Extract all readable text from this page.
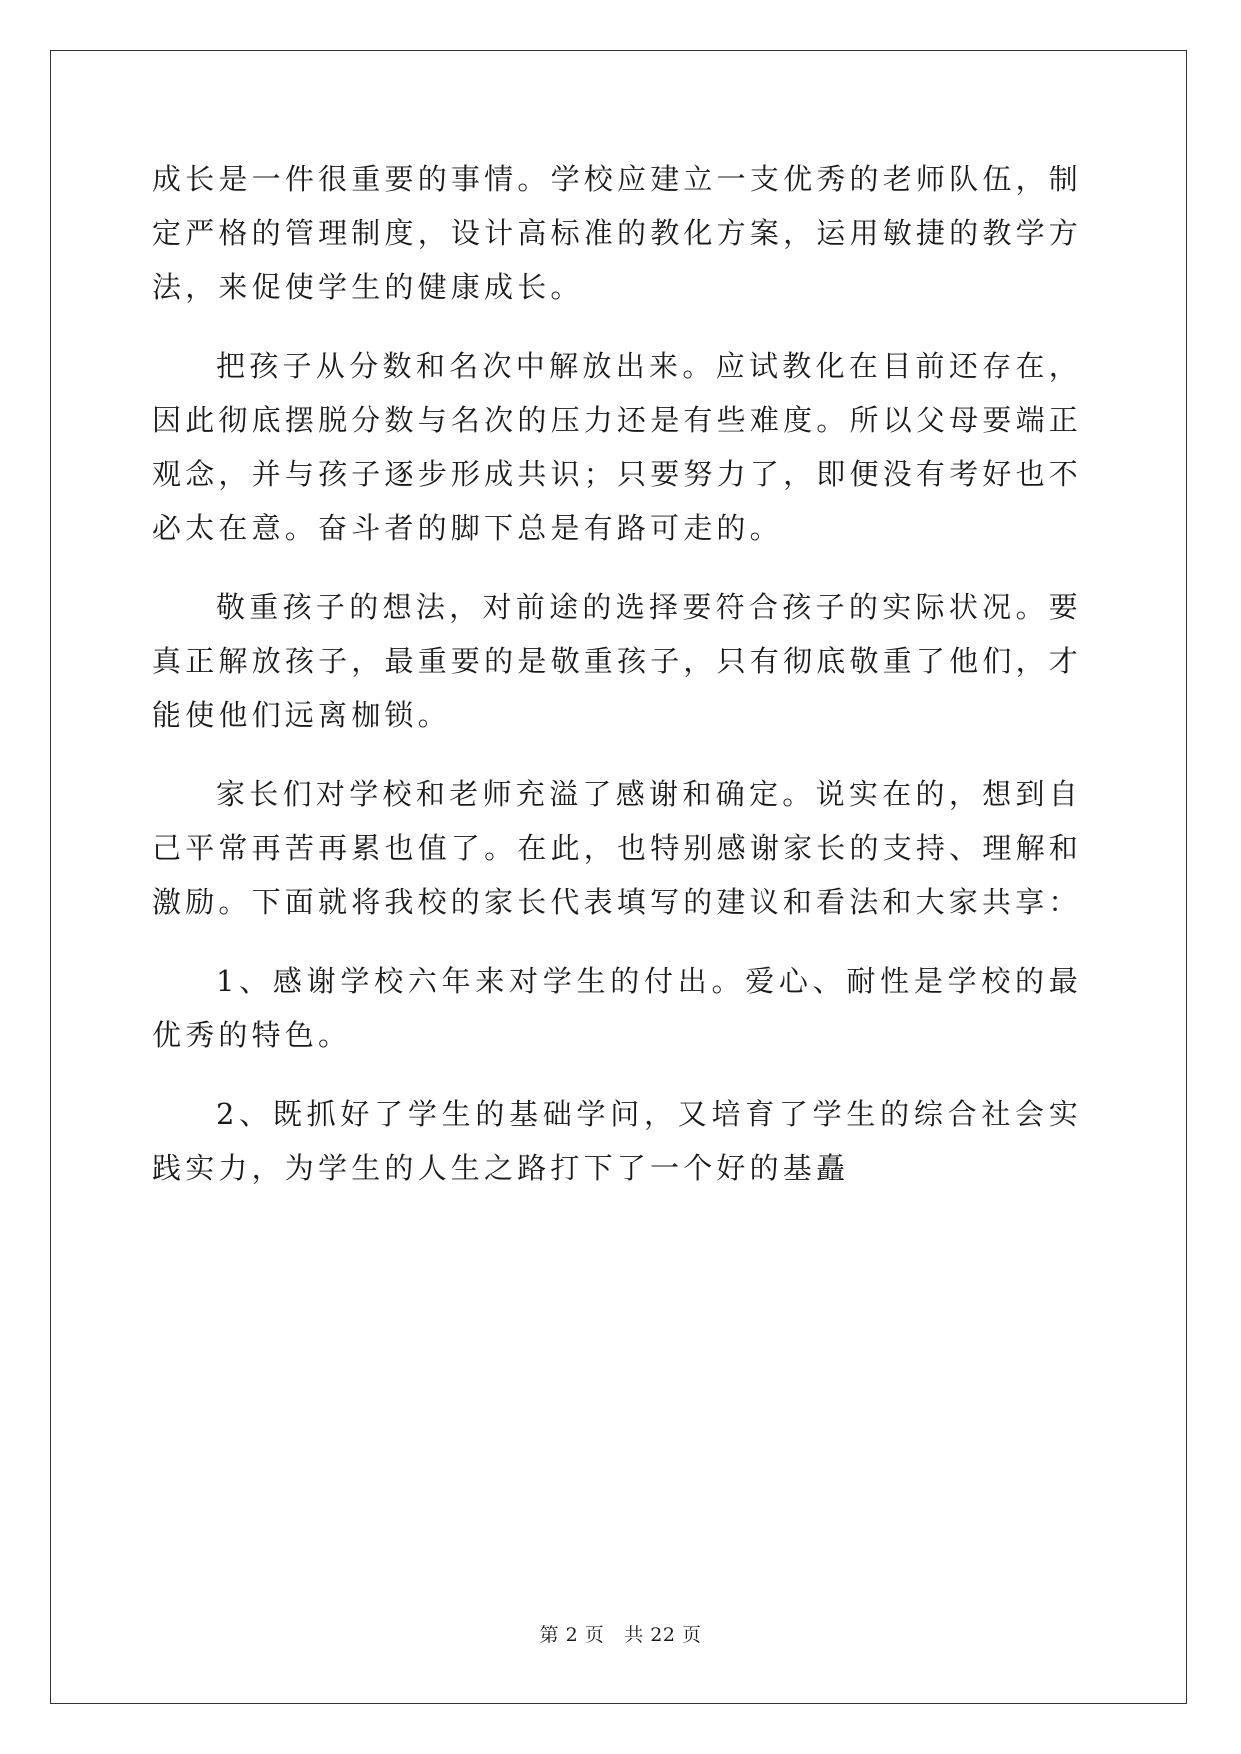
成长是一件很重要的事情。学校应建立一支优秀的老师队伍，制定严格的管理制度，设计高标准的教化方案，运用敏捷的教学方法，来促使学生的健康成长。

把孩子从分数和名次中解放出来。应试教化在目前还存在，因此彻底摆脱分数与名次的压力还是有些难度。所以父母要端正观念，并与孩子逐步形成共识；只要努力了，即便没有考好也不必太在意。奋斗者的脚下总是有路可走的。

敬重孩子的想法，对前途的选择要符合孩子的实际状况。要真正解放孩子，最重要的是敬重孩子，只有彻底敬重了他们，才能使他们远离枷锁。

家长们对学校和老师充溢了感谢和确定。说实在的，想到自己平常再苦再累也值了。在此，也特别感谢家长的支持、理解和激励。下面就将我校的家长代表填写的建议和看法和大家共享：

1、感谢学校六年来对学生的付出。爱心、耐性是学校的最优秀的特色。

2、既抓好了学生的基础学问，又培育了学生的综合社会实践实力，为学生的人生之路打下了一个好的基矗

第 2 页 共 22 页
